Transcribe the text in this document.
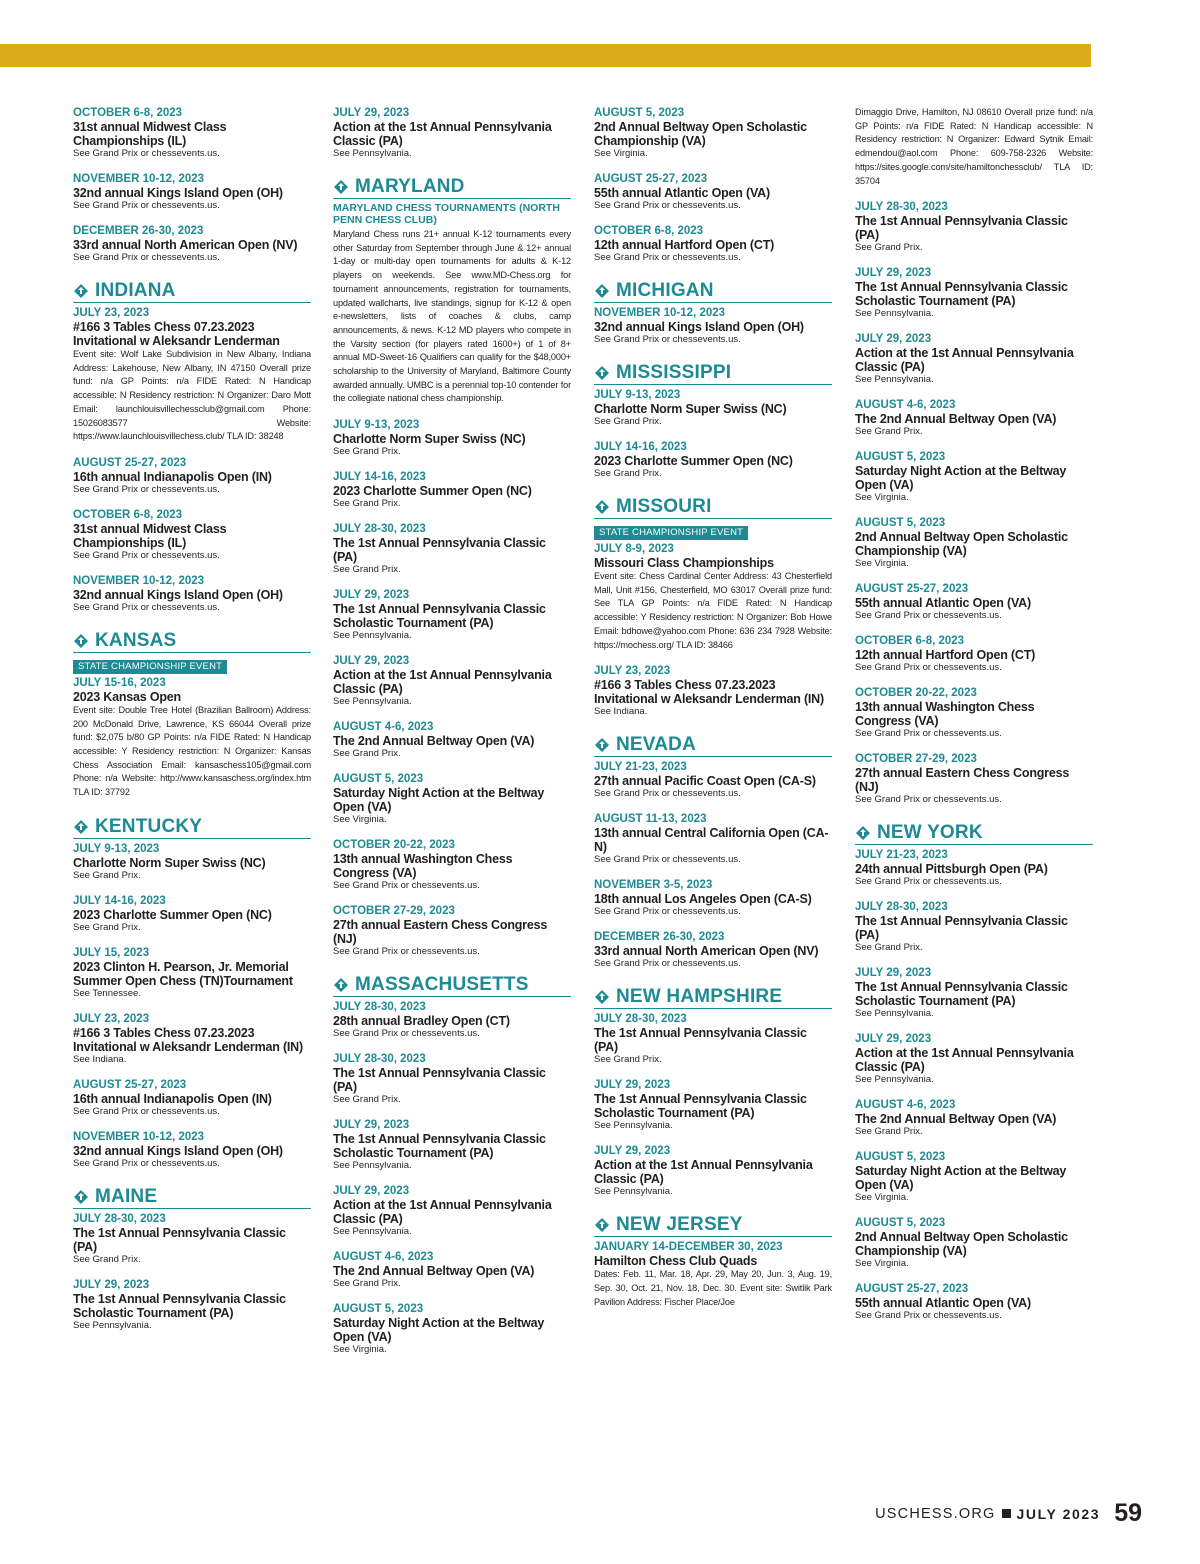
OCTOBER 6-8, 2023
31st annual Midwest Class Championships (IL)
See Grand Prix or chessevents.us.
NOVEMBER 10-12, 2023
32nd annual Kings Island Open (OH)
See Grand Prix or chessevents.us.
DECEMBER 26-30, 2023
33rd annual North American Open (NV)
See Grand Prix or chessevents.us.
INDIANA
JULY 23, 2023
#166 3 Tables Chess 07.23.2023 Invitational w Aleksandr Lenderman
Event site: Wolf Lake Subdivision in New Albany, Indiana Address: Lakehouse, New Albany, IN 47150 Overall prize fund: n/a GP Points: n/a FIDE Rated: N Handicap accessible: N Residency restriction: N Organizer: Daro Mott Email: launchlouisvillechessclub@gmail.com Phone: 15026083577 Website: https://www.launchlouisvillechess.club/ TLA ID: 38248
AUGUST 25-27, 2023
16th annual Indianapolis Open (IN)
See Grand Prix or chessevents.us.
OCTOBER 6-8, 2023
31st annual Midwest Class Championships (IL)
See Grand Prix or chessevents.us.
NOVEMBER 10-12, 2023
32nd annual Kings Island Open (OH)
See Grand Prix or chessevents.us.
KANSAS
STATE CHAMPIONSHIP EVENT
JULY 15-16, 2023
2023 Kansas Open
Event site: Double Tree Hotel (Brazilian Ballroom) Address: 200 McDonald Drive, Lawrence, KS 66044 Overall prize fund: $2,075 b/80 GP Points: n/a FIDE Rated: N Handicap accessible: Y Residency restriction: N Organizer: Kansas Chess Association Email: kansaschess105@gmail.com Phone: n/a Website: http://www.kansaschess.org/index.htm TLA ID: 37792
KENTUCKY
JULY 9-13, 2023
Charlotte Norm Super Swiss (NC)
See Grand Prix.
JULY 14-16, 2023
2023 Charlotte Summer Open (NC)
See Grand Prix.
JULY 15, 2023
2023 Clinton H. Pearson, Jr. Memorial Summer Open Chess (TN)Tournament
See Tennessee.
JULY 23, 2023
#166 3 Tables Chess 07.23.2023 Invitational w Aleksandr Lenderman (IN)
See Indiana.
AUGUST 25-27, 2023
16th annual Indianapolis Open (IN)
See Grand Prix or chessevents.us.
NOVEMBER 10-12, 2023
32nd annual Kings Island Open (OH)
See Grand Prix or chessevents.us.
MAINE
JULY 28-30, 2023
The 1st Annual Pennsylvania Classic (PA)
See Grand Prix.
JULY 29, 2023
The 1st Annual Pennsylvania Classic Scholastic Tournament (PA)
See Pennsylvania.
JULY 29, 2023
Action at the 1st Annual Pennsylvania Classic (PA)
See Pennsylvania.
MARYLAND
MARYLAND CHESS TOURNAMENTS (NORTH PENN CHESS CLUB)
Maryland Chess runs 21+ annual K-12 tournaments every other Saturday from September through June & 12+ annual 1-day or multi-day open tournaments for adults & K-12 players on weekends. See www.MD-Chess.org for tournament announcements, registration for tournaments, updated wallcharts, live standings, signup for K-12 & open e-newsletters, lists of coaches & clubs, camp announcements, & news. K-12 MD players who compete in the Varsity section (for players rated 1600+) of 1 of 8+ annual MD-Sweet-16 Qualifiers can qualify for the $48,000+ scholarship to the University of Maryland, Baltimore County awarded annually. UMBC is a perennial top-10 contender for the collegiate national chess championship.
JULY 9-13, 2023
Charlotte Norm Super Swiss (NC)
See Grand Prix.
JULY 14-16, 2023
2023 Charlotte Summer Open (NC)
See Grand Prix.
JULY 28-30, 2023
The 1st Annual Pennsylvania Classic (PA)
See Grand Prix.
JULY 29, 2023
The 1st Annual Pennsylvania Classic Scholastic Tournament (PA)
See Pennsylvania.
JULY 29, 2023
Action at the 1st Annual Pennsylvania Classic (PA)
See Pennsylvania.
AUGUST 4-6, 2023
The 2nd Annual Beltway Open (VA)
See Grand Prix.
AUGUST 5, 2023
Saturday Night Action at the Beltway Open (VA)
See Virginia.
OCTOBER 20-22, 2023
13th annual Washington Chess Congress (VA)
See Grand Prix or chessevents.us.
OCTOBER 27-29, 2023
27th annual Eastern Chess Congress (NJ)
See Grand Prix or chessevents.us.
MASSACHUSETTS
JULY 28-30, 2023
28th annual Bradley Open (CT)
See Grand Prix or chessevents.us.
JULY 28-30, 2023
The 1st Annual Pennsylvania Classic (PA)
See Grand Prix.
JULY 29, 2023
The 1st Annual Pennsylvania Classic Scholastic Tournament (PA)
See Pennsylvania.
JULY 29, 2023
Action at the 1st Annual Pennsylvania Classic (PA)
See Pennsylvania.
AUGUST 4-6, 2023
The 2nd Annual Beltway Open (VA)
See Grand Prix.
AUGUST 5, 2023
Saturday Night Action at the Beltway Open (VA)
See Virginia.
AUGUST 5, 2023
2nd Annual Beltway Open Scholastic Championship (VA)
See Virginia.
AUGUST 25-27, 2023
55th annual Atlantic Open (VA)
See Grand Prix or chessevents.us.
OCTOBER 6-8, 2023
12th annual Hartford Open (CT)
See Grand Prix or chessevents.us.
MICHIGAN
NOVEMBER 10-12, 2023
32nd annual Kings Island Open (OH)
See Grand Prix or chessevents.us.
MISSISSIPPI
JULY 9-13, 2023
Charlotte Norm Super Swiss (NC)
See Grand Prix.
JULY 14-16, 2023
2023 Charlotte Summer Open (NC)
See Grand Prix.
MISSOURI
STATE CHAMPIONSHIP EVENT
JULY 8-9, 2023
Missouri Class Championships
Event site: Chess Cardinal Center Address: 43 Chesterfield Mall, Unit #156, Chesterfield, MO 63017 Overall prize fund: See TLA GP Points: n/a FIDE Rated: N Handicap accessible: Y Residency restriction: N Organizer: Bob Howe Email: bdhowe@yahoo.com Phone: 636 234 7928 Website: https://mochess.org/ TLA ID: 38466
JULY 23, 2023
#166 3 Tables Chess 07.23.2023 Invitational w Aleksandr Lenderman (IN)
See Indiana.
NEVADA
JULY 21-23, 2023
27th annual Pacific Coast Open (CA-S)
See Grand Prix or chessevents.us.
AUGUST 11-13, 2023
13th annual Central California Open (CA-N)
See Grand Prix or chessevents.us.
NOVEMBER 3-5, 2023
18th annual Los Angeles Open (CA-S)
See Grand Prix or chessevents.us.
DECEMBER 26-30, 2023
33rd annual North American Open (NV)
See Grand Prix or chessevents.us.
NEW HAMPSHIRE
JULY 28-30, 2023
The 1st Annual Pennsylvania Classic (PA)
See Grand Prix.
JULY 29, 2023
The 1st Annual Pennsylvania Classic Scholastic Tournament (PA)
See Pennsylvania.
JULY 29, 2023
Action at the 1st Annual Pennsylvania Classic (PA)
See Pennsylvania.
NEW JERSEY
JANUARY 14-DECEMBER 30, 2023
Hamilton Chess Club Quads
Dates: Feb. 11, Mar. 18, Apr. 29, May 20, Jun. 3, Aug. 19, Sep. 30, Oct. 21, Nov. 18, Dec. 30. Event site: Switlik Park Pavilion Address: Fischer Place/Joe
Dimaggio Drive, Hamilton, NJ 08610 Overall prize fund: n/a GP Points: n/a FIDE Rated: N Handicap accessible: N Residency restriction: N Organizer: Edward Sytnik Email: edmendou@aol.com Phone: 609-758-2326 Website: https://sites.google.com/site/hamiltonchessclub/ TLA ID: 35704
JULY 28-30, 2023
The 1st Annual Pennsylvania Classic (PA)
See Grand Prix.
JULY 29, 2023
The 1st Annual Pennsylvania Classic Scholastic Tournament (PA)
See Pennsylvania.
JULY 29, 2023
Action at the 1st Annual Pennsylvania Classic (PA)
See Pennsylvania.
AUGUST 4-6, 2023
The 2nd Annual Beltway Open (VA)
See Grand Prix.
AUGUST 5, 2023
Saturday Night Action at the Beltway Open (VA)
See Virginia.
AUGUST 5, 2023
2nd Annual Beltway Open Scholastic Championship (VA)
See Virginia.
AUGUST 25-27, 2023
55th annual Atlantic Open (VA)
See Grand Prix or chessevents.us.
OCTOBER 6-8, 2023
12th annual Hartford Open (CT)
See Grand Prix or chessevents.us.
OCTOBER 20-22, 2023
13th annual Washington Chess Congress (VA)
See Grand Prix or chessevents.us.
OCTOBER 27-29, 2023
27th annual Eastern Chess Congress (NJ)
See Grand Prix or chessevents.us.
NEW YORK
JULY 21-23, 2023
24th annual Pittsburgh Open (PA)
See Grand Prix or chessevents.us.
JULY 28-30, 2023
The 1st Annual Pennsylvania Classic (PA)
See Grand Prix.
JULY 29, 2023
The 1st Annual Pennsylvania Classic Scholastic Tournament (PA)
See Pennsylvania.
JULY 29, 2023
Action at the 1st Annual Pennsylvania Classic (PA)
See Pennsylvania.
AUGUST 4-6, 2023
The 2nd Annual Beltway Open (VA)
See Grand Prix.
AUGUST 5, 2023
Saturday Night Action at the Beltway Open (VA)
See Virginia.
AUGUST 5, 2023
2nd Annual Beltway Open Scholastic Championship (VA)
See Virginia.
AUGUST 25-27, 2023
55th annual Atlantic Open (VA)
See Grand Prix or chessevents.us.
USCHESS.ORG JULY 2023 59
